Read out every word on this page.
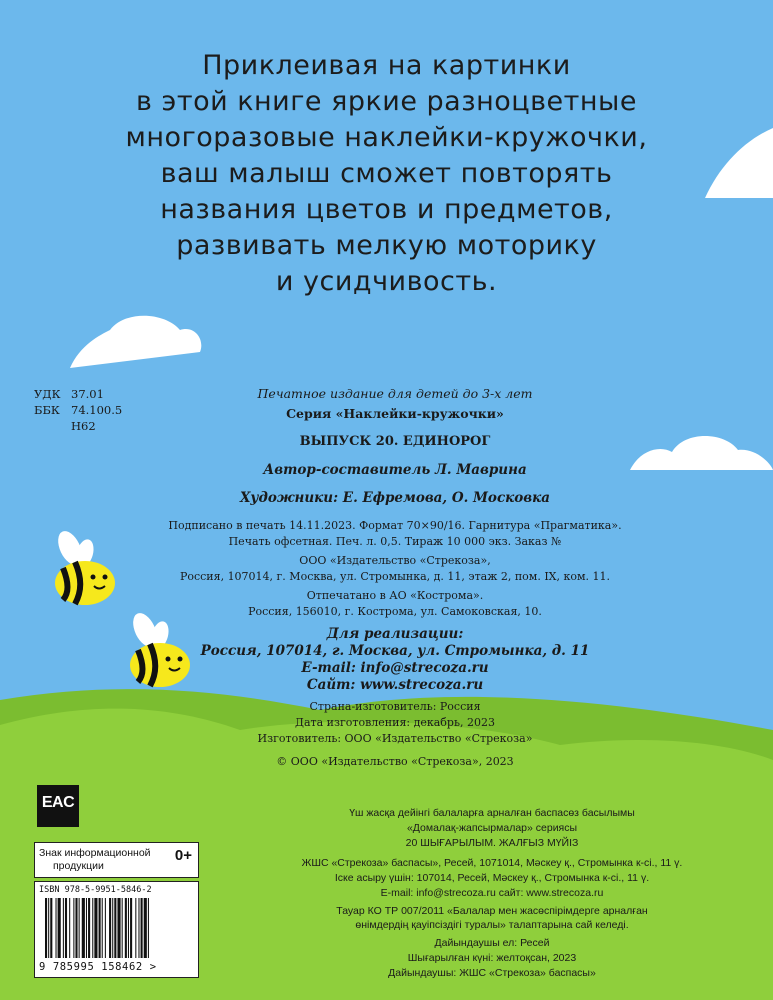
Приклеивая на картинки
в этой книге яркие разноцветные
многоразовые наклейки-кружочки,
ваш малыш сможет повторять
названия цветов и предметов,
развивать мелкую моторику
и усидчивость.
УДК 37.01
ББК 74.100.5
Н62
Печатное издание для детей до 3-х лет
Серия «Наклейки-кружочки»
ВЫПУСК 20. ЕДИНОРОГ
Автор-составитель Л. Маврина
Художники: Е. Ефремова, О. Московка
Подписано в печать 14.11.2023. Формат 70×90/16. Гарнитура «Прагматика».
Печать офсетная. Печ. л. 0,5. Тираж 10 000 экз. Заказ №
ООО «Издательство «Стрекоза»,
Россия, 107014, г. Москва, ул. Стромынка, д. 11, этаж 2, пом. IX, ком. 11.
Отпечатано в АО «Кострома».
Россия, 156010, г. Кострома, ул. Самоковская, 10.
Для реализации:
Россия, 107014, г. Москва, ул. Стромынка, д. 11
E-mail: info@strecoza.ru
Сайт: www.strecoza.ru
Страна-изготовитель: Россия
Дата изготовления: декабрь, 2023
Изготовитель: ООО «Издательство «Стрекоза»
© ООО «Издательство «Стрекоза», 2023
Үш жасқа дейінгі балаларға арналған баспасөз басылымы
«Домалақ-жапсырмалар» сериясы
20 ШЫҒАРЫЛЫМ. ЖАЛҒЫЗ МҮЙІЗ
ЖШС «Стрекоза» баспасы», Ресей, 1071014, Мәскеу қ., Стромынка к-сі., 11 ү.
Іске асыру үшін: 107014, Ресей, Мәскеу қ., Стромынка к-сі., 11 ү.
E-mail: info@strecoza.ru сайт: www.strecoza.ru
Тауар КО ТР 007/2011 «Балалар мен жасөспірімдерге арналған
өнімдердің қауіпсіздігі туралы» талаптарына сай келеді.
Дайындаушы ел: Ресей
Шығарылған күні: желтоқсан, 2023
Дайындаушы: ЖШС «Стрекоза» баспасы»
EAC
Знак информационной
продукции
0+
ISBN 978-5-9951-5846-2
9 785995 158462 >
